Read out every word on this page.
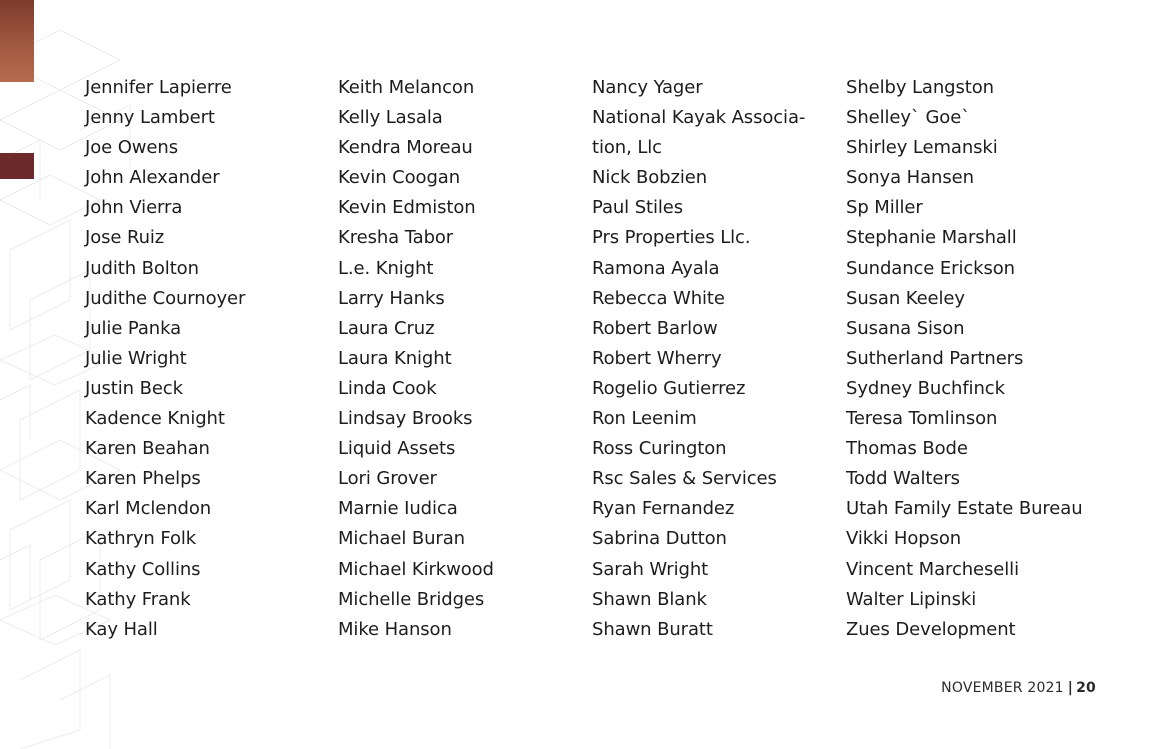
Jennifer Lapierre
Jenny Lambert
Joe Owens
John Alexander
John Vierra
Jose Ruiz
Judith Bolton
Judithe Cournoyer
Julie Panka
Julie Wright
Justin Beck
Kadence Knight
Karen Beahan
Karen Phelps
Karl Mclendon
Kathryn Folk
Kathy Collins
Kathy Frank
Kay Hall
Keith Melancon
Kelly Lasala
Kendra Moreau
Kevin Coogan
Kevin Edmiston
Kresha Tabor
L.e. Knight
Larry Hanks
Laura Cruz
Laura Knight
Linda Cook
Lindsay Brooks
Liquid Assets
Lori Grover
Marnie Iudica
Michael Buran
Michael Kirkwood
Michelle Bridges
Mike Hanson
Nancy Yager
National Kayak Associa-
tion, Llc
Nick Bobzien
Paul Stiles
Prs Properties Llc.
Ramona Ayala
Rebecca White
Robert Barlow
Robert Wherry
Rogelio Gutierrez
Ron Leenim
Ross Curington
Rsc Sales & Services
Ryan Fernandez
Sabrina Dutton
Sarah Wright
Shawn Blank
Shawn Buratt
Shelby Langston
Shelley` Goe`
Shirley Lemanski
Sonya Hansen
Sp Miller
Stephanie Marshall
Sundance Erickson
Susan Keeley
Susana Sison
Sutherland Partners
Sydney Buchfinck
Teresa Tomlinson
Thomas Bode
Todd Walters
Utah Family Estate Bureau
Vikki Hopson
Vincent Marcheselli
Walter Lipinski
Zues Development
NOVEMBER 2021 | 20
